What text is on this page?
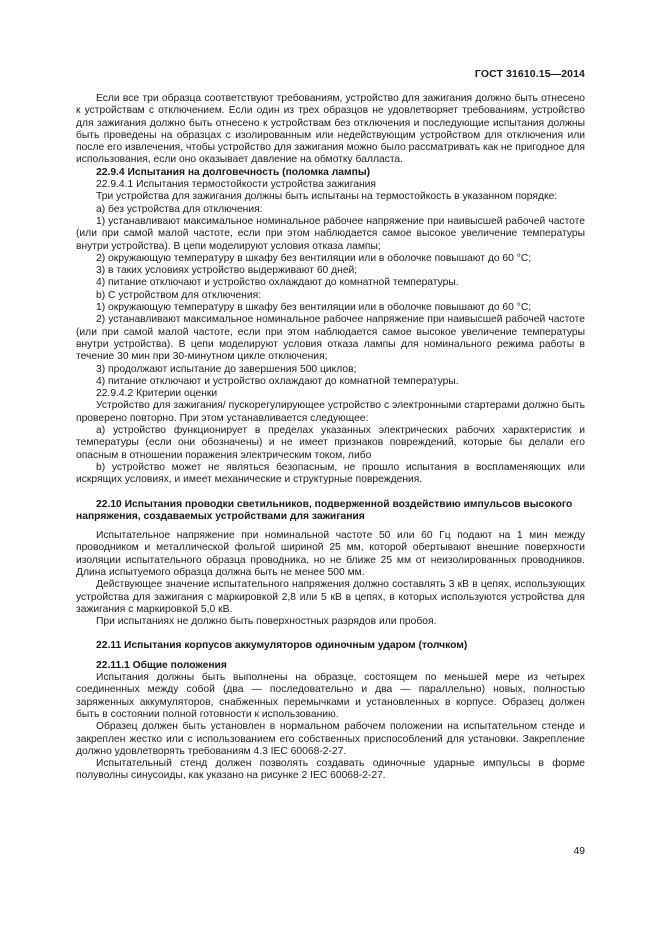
ГОСТ 31610.15—2014

Если все три образца соответствуют требованиям, устройство для зажигания должно быть отнесено к устройствам с отключением. Если один из трех образцов не удовлетворяет требованиям, устройство для зажигания должно быть отнесено к устройствам без отключения и последующие испытания должны быть проведены на образцах с изолированным или недействующим устройством для отключения или после его извлечения, чтобы устройство для зажигания можно было рассматривать как не пригодное для использования, если оно оказывает давление на обмотку балласта.

22.9.4 Испытания на долговечность (поломка лампы)

22.9.4.1 Испытания термостойкости устройства зажигания

Три устройства для зажигания должны быть испытаны на термостойкость в указанном порядке:

a) без устройства для отключения:

1) устанавливают максимальное номинальное рабочее напряжение при наивысшей рабочей частоте (или при самой малой частоте, если при этом наблюдается самое высокое увеличение температуры внутри устройства). В цепи моделируют условия отказа лампы;

2) окружающую температуру в шкафу без вентиляции или в оболочке повышают до 60 °С;

3) в таких условиях устройство выдерживают 60 дней;

4) питание отключают и устройство охлаждают до комнатной температуры.

b) С устройством для отключения:

1) окружающую температуру в шкафу без вентиляции или в оболочке повышают до 60 °С;

2) устанавливают максимальное номинальное рабочее напряжение при наивысшей рабочей частоте (или при самой малой частоте, если при этом наблюдается самое высокое увеличение температуры внутри устройства). В цепи моделируют условия отказа лампы для номинального режима работы в течение 30 мин при 30-минутном цикле отключения;

3) продолжают испытание до завершения 500 циклов;

4) питание отключают и устройство охлаждают до комнатной температуры.

22.9.4.2 Критерии оценки

Устройство для зажигания/ пускорегулирующее устройство с электронными стартерами должно быть проверено повторно. При этом устанавливается следующее:

a) устройство функционирует в пределах указанных электрических рабочих характеристик и температуры (если они обозначены) и не имеет признаков повреждений, которые бы делали его опасным в отношении поражения электрическим током, либо

b) устройство может не являться безопасным, не прошло испытания в воспламеняющих или искрящих условиях, и имеет механические и структурные повреждения.

22.10 Испытания проводки светильников, подверженной воздействию импульсов высокого напряжения, создаваемых устройствами для зажигания

Испытательное напряжение при номинальной частоте 50 или 60 Гц подают на 1 мин между проводником и металлической фольгой шириной 25 мм, которой обертывают внешние поверхности изоляции испытательного образца проводника, но не ближе 25 мм от неизолированных проводников. Длина испытуемого образца должна быть не менее 500 мм.

Действующее значение испытательного напряжения должно составлять 3 кВ в цепях, использующих устройства для зажигания с маркировкой 2,8 или 5 кВ в цепях, в которых используются устройства для зажигания с маркировкой 5,0 кВ.

При испытаниях не должно быть поверхностных разрядов или пробоя.

22.11 Испытания корпусов аккумуляторов одиночным ударом (толчком)

22.11.1 Общие положения

Испытания должны быть выполнены на образце, состоящем по меньшей мере из четырех соединенных между собой (два — последовательно и два — параллельно) новых, полностью заряженных аккумуляторов, снабженных перемычками и установленных в корпусе. Образец должен быть в состоянии полной готовности к использованию.

Образец должен быть установлен в нормальном рабочем положении на испытательном стенде и закреплен жестко или с использованием его собственных приспособлений для установки. Закрепление должно удовлетворять требованиям 4.3 IEC 60068-2-27.

Испытательный стенд должен позволять создавать одиночные ударные импульсы в форме полуволны синусоиды, как указано на рисунке 2 IEC 60068-2-27.

49
